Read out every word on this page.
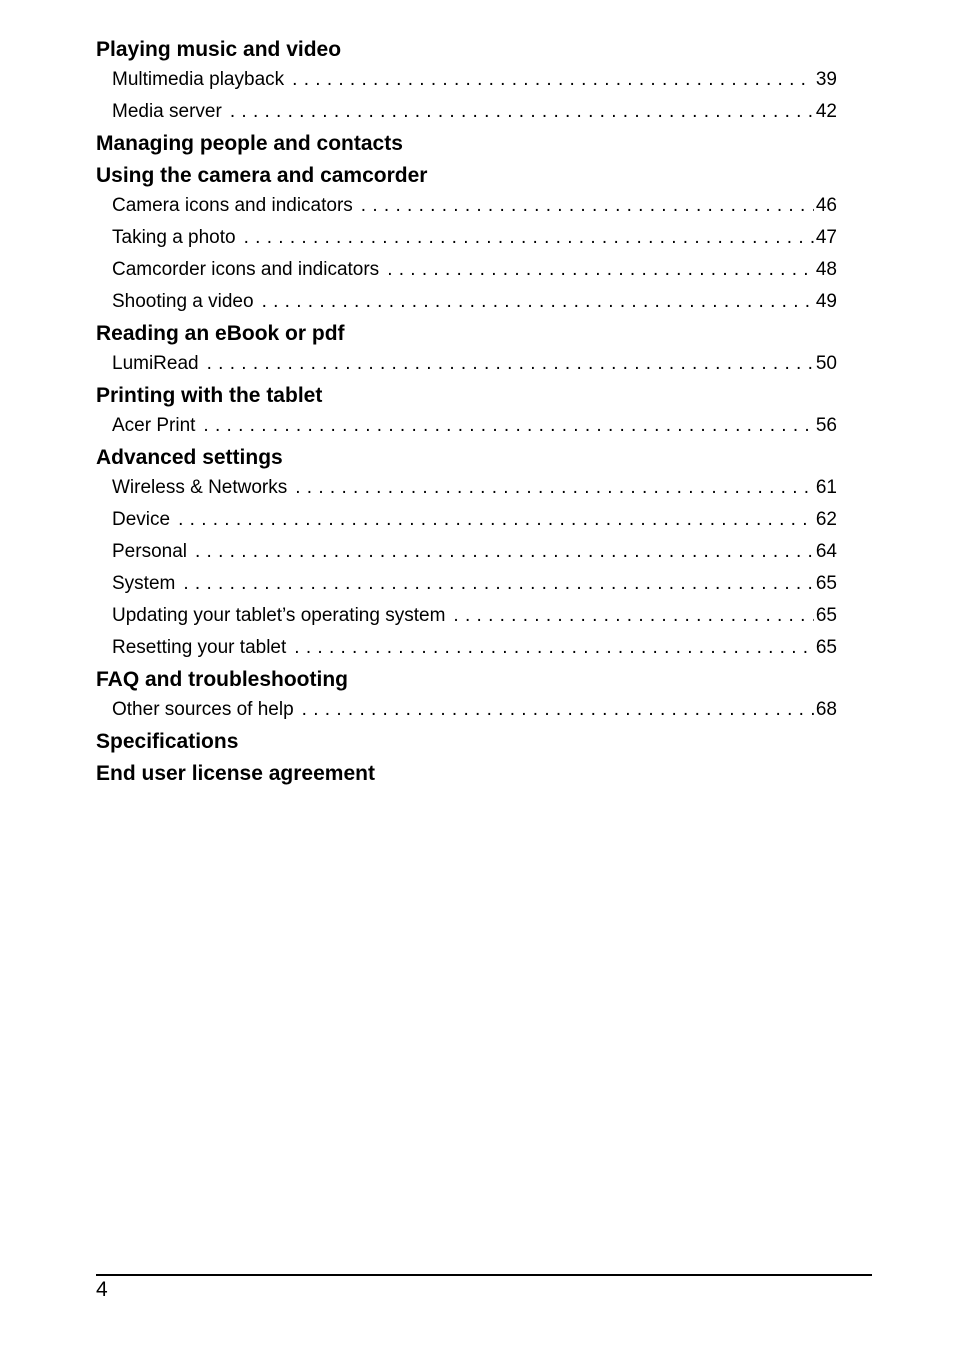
Playing music and video
Multimedia playback . . .	39
Media server . . .	42
Managing people and contacts
Using the camera and camcorder
Camera icons and indicators . . .	46
Taking a photo . . .	47
Camcorder icons and indicators . . .	48
Shooting a video . . .	49
Reading an eBook or pdf
LumiRead . . .	50
Printing with the tablet
Acer Print . . .	56
Advanced settings
Wireless & Networks . . .	61
Device . . .	62
Personal . . .	64
System . . .	65
Updating your tablet’s operating system . . .	65
Resetting your tablet . . .	65
FAQ and troubleshooting
Other sources of help . . .	68
Specifications
End user license agreement
4
